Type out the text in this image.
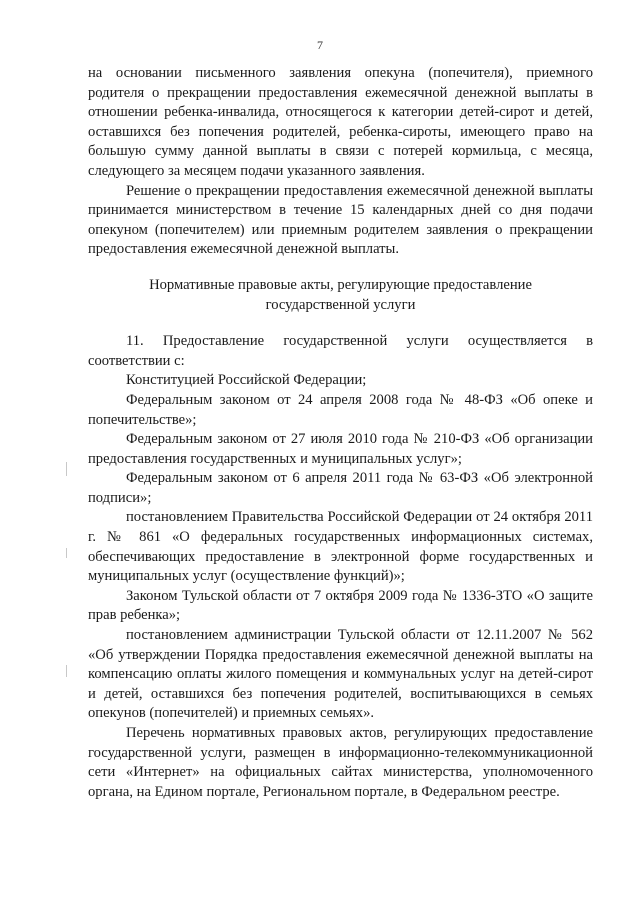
7

на основании письменного заявления опекуна (попечителя), приемного родителя о прекращении предоставления ежемесячной денежной выплаты в отношении ребенка-инвалида, относящегося к категории детей-сирот и детей, оставшихся без попечения родителей, ребенка-сироты, имеющего право на большую сумму данной выплаты в связи с потерей кормильца, с месяца, следующего за месяцем подачи указанного заявления.

Решение о прекращении предоставления ежемесячной денежной выплаты принимается министерством в течение 15 календарных дней со дня подачи опекуном (попечителем) или приемным родителем заявления о прекращении предоставления ежемесячной денежной выплаты.

Нормативные правовые акты, регулирующие предоставление

государственной услуги

11. Предоставление государственной услуги осуществляется в соответствии с:

Конституцией Российской Федерации;

Федеральным законом от 24 апреля 2008 года № 48-ФЗ «Об опеке и попечительстве»;

Федеральным законом от 27 июля 2010 года № 210-ФЗ «Об организации предоставления государственных и муниципальных услуг»;

Федеральным законом от 6 апреля 2011 года № 63-ФЗ «Об электронной подписи»;

постановлением Правительства Российской Федерации от 24 октября 2011 г. № 861 «О федеральных государственных информационных системах, обеспечивающих предоставление в электронной форме государственных и муниципальных услуг (осуществление функций)»;

Законом Тульской области от 7 октября 2009 года № 1336-ЗТО «О защите прав ребенка»;

постановлением администрации Тульской области от 12.11.2007 № 562 «Об утверждении Порядка предоставления ежемесячной денежной выплаты на компенсацию оплаты жилого помещения и коммунальных услуг на детей-сирот и детей, оставшихся без попечения родителей, воспитывающихся в семьях опекунов (попечителей) и приемных семьях».

Перечень нормативных правовых актов, регулирующих предоставление государственной услуги, размещен в информационно-телекоммуникационной сети «Интернет» на официальных сайтах министерства, уполномоченного органа, на Едином портале, Региональном портале, в Федеральном реестре.
